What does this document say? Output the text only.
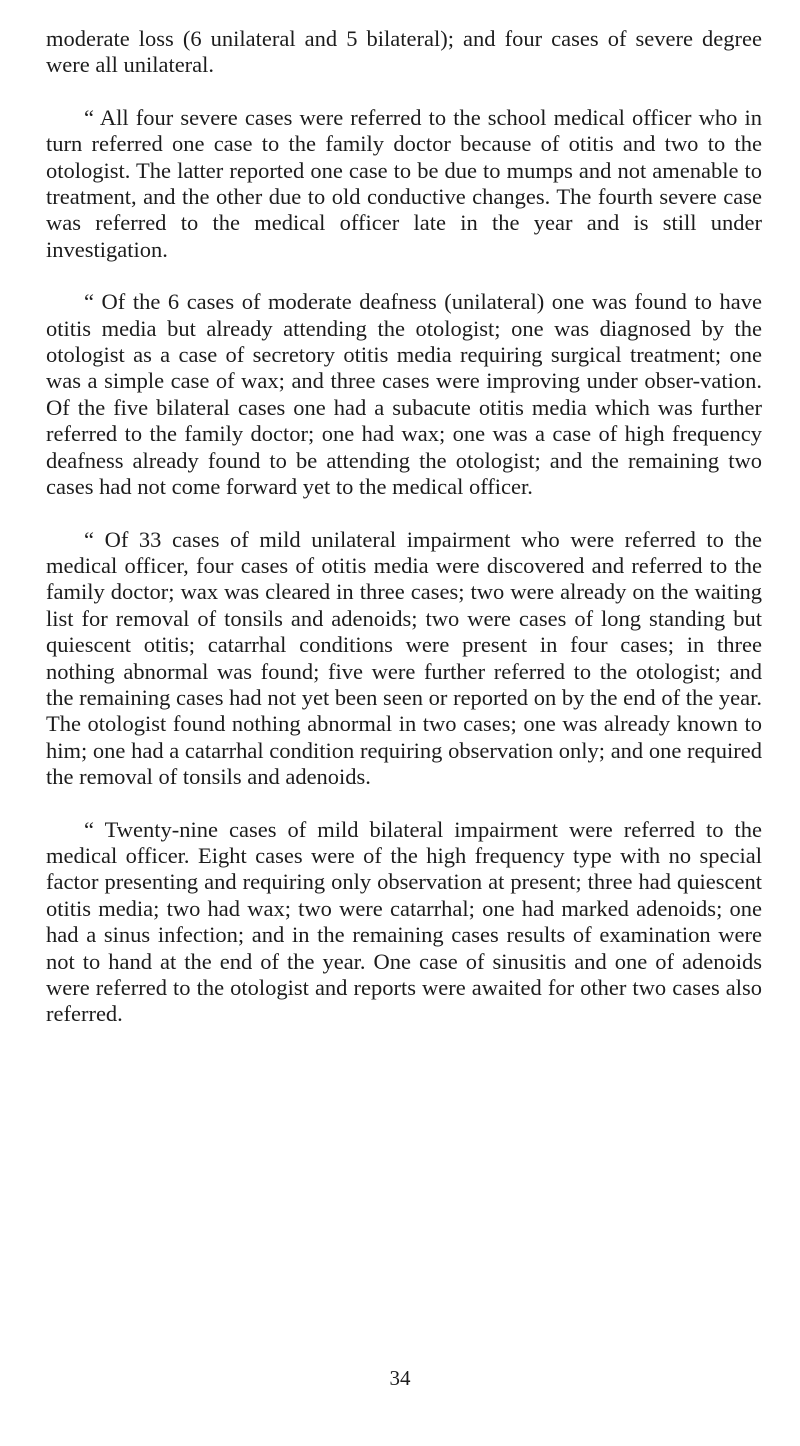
moderate loss (6 unilateral and 5 bilateral); and four cases of severe degree were all unilateral.

“ All four severe cases were referred to the school medical officer who in turn referred one case to the family doctor because of otitis and two to the otologist. The latter reported one case to be due to mumps and not amenable to treatment, and the other due to old conductive changes. The fourth severe case was referred to the medical officer late in the year and is still under investigation.

“ Of the 6 cases of moderate deafness (unilateral) one was found to have otitis media but already attending the otologist; one was diagnosed by the otologist as a case of secretory otitis media requiring surgical treatment; one was a simple case of wax; and three cases were improving under obser-vation. Of the five bilateral cases one had a subacute otitis media which was further referred to the family doctor; one had wax; one was a case of high frequency deafness already found to be attending the otologist; and the remaining two cases had not come forward yet to the medical officer.

“ Of 33 cases of mild unilateral impairment who were referred to the medical officer, four cases of otitis media were discovered and referred to the family doctor; wax was cleared in three cases; two were already on the waiting list for removal of tonsils and adenoids; two were cases of long standing but quiescent otitis; catarrhal conditions were present in four cases; in three nothing abnormal was found; five were further referred to the otologist; and the remaining cases had not yet been seen or reported on by the end of the year. The otologist found nothing abnormal in two cases; one was already known to him; one had a catarrhal condition requiring observation only; and one required the removal of tonsils and adenoids.

“ Twenty-nine cases of mild bilateral impairment were referred to the medical officer. Eight cases were of the high frequency type with no special factor presenting and requiring only observation at present; three had quiescent otitis media; two had wax; two were catarrhal; one had marked adenoids; one had a sinus infection; and in the remaining cases results of examination were not to hand at the end of the year. One case of sinusitis and one of adenoids were referred to the otologist and reports were awaited for other two cases also referred.

34
